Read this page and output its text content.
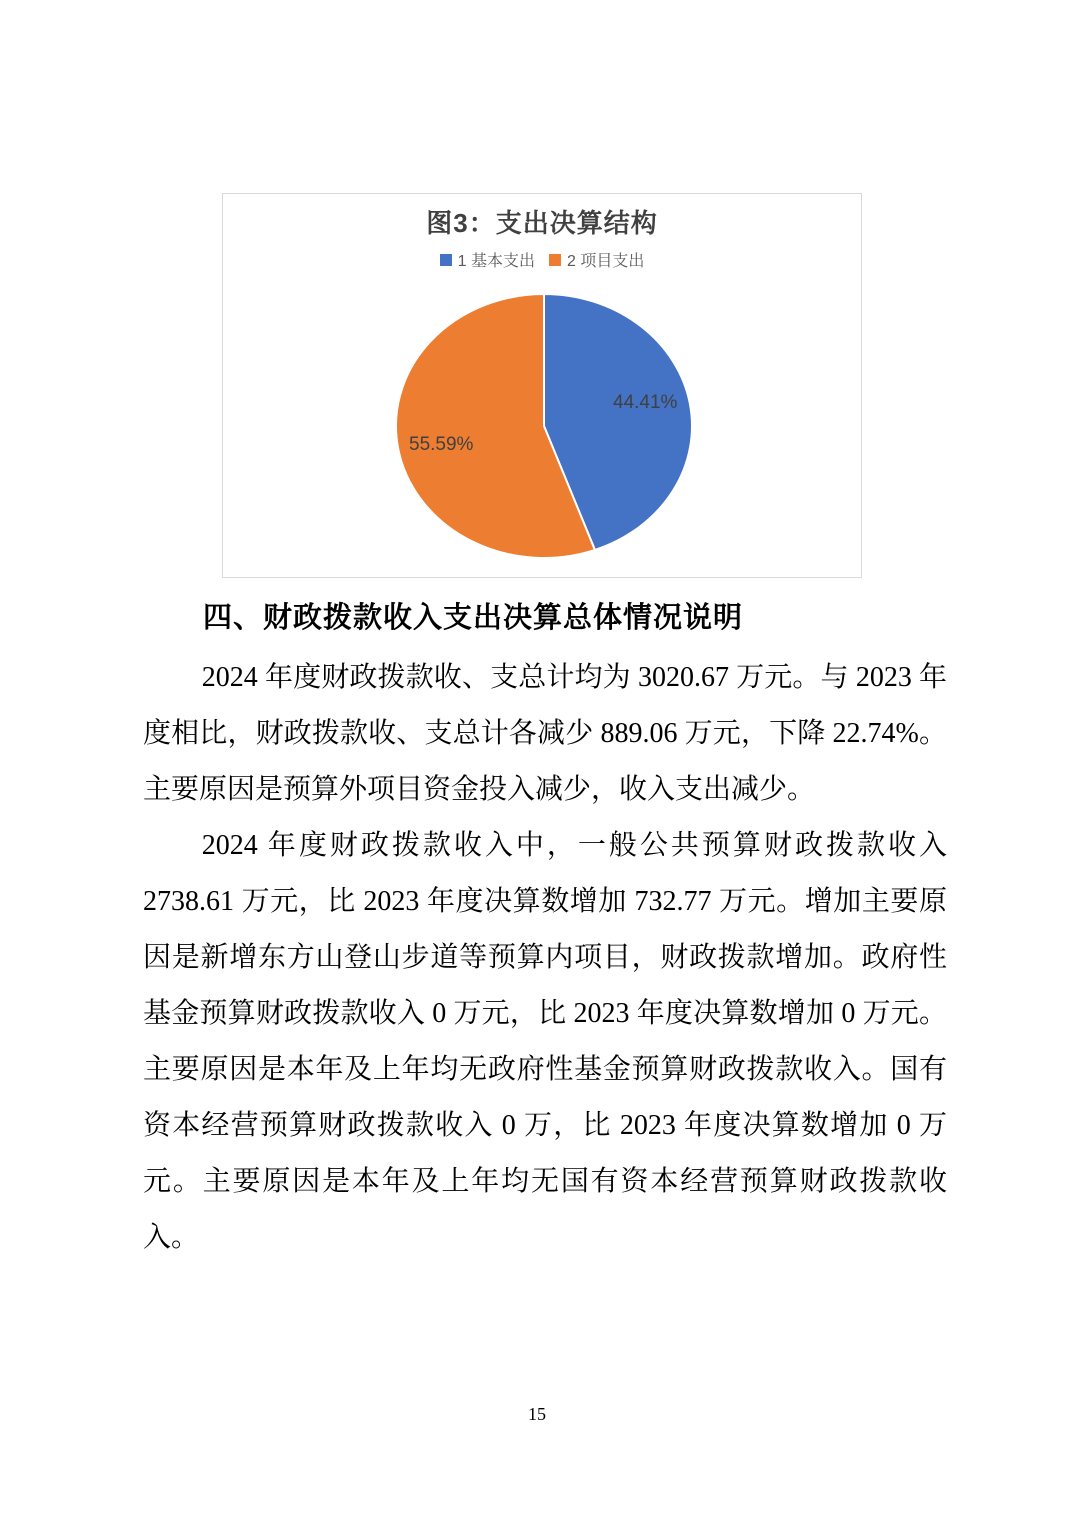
图3：支出决算结构
1 基本支出 2 项目支出
44.41%
55.59%
四、财政拨款收入支出决算总体情况说明

2024 年度财政拨款收、支总计均为 3020.67 万元。与 2023 年度相比，财政拨款收、支总计各减少 889.06 万元，下降 22.74%。主要原因是预算外项目资金投入减少，收入支出减少。

2024 年度财政拨款收入中，一般公共预算财政拨款收入 2738.61 万元，比 2023 年度决算数增加 732.77 万元。增加主要原因是新增东方山登山步道等预算内项目，财政拨款增加。政府性基金预算财政拨款收入 0 万元，比 2023 年度决算数增加 0 万元。主要原因是本年及上年均无政府性基金预算财政拨款收入。国有资本经营预算财政拨款收入 0 万，比 2023 年度决算数增加 0 万元。主要原因是本年及上年均无国有资本经营预算财政拨款收入。

15
